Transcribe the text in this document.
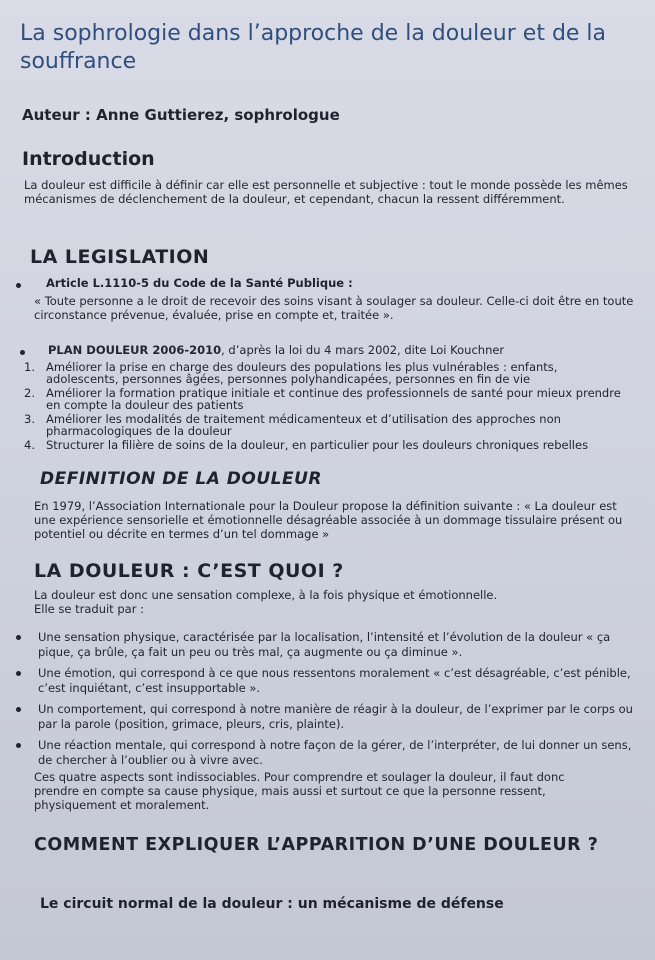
La sophrologie dans l’approche de la douleur et de la souffrance
Auteur : Anne Guttierez, sophrologue
Introduction
La douleur est difficile à définir car elle est personnelle et subjective : tout le monde possède les mêmes mécanismes de déclenchement de la douleur, et cependant, chacun la ressent différemment.
LA LEGISLATION
Article L.1110-5 du Code de la Santé Publique :
« Toute personne a le droit de recevoir des soins visant à soulager sa douleur. Celle-ci doit être en toute circonstance prévenue, évaluée, prise en compte et, traitée ».
PLAN DOULEUR 2006-2010, d’après la loi du 4 mars 2002, dite Loi Kouchner
1. Améliorer la prise en charge des douleurs des populations les plus vulnérables : enfants, adolescents, personnes âgées, personnes polyhandicapées, personnes en fin de vie
2. Améliorer la formation pratique initiale et continue des professionnels de santé pour mieux prendre en compte la douleur des patients
3. Améliorer les modalités de traitement médicamenteux et d’utilisation des approches non pharmacologiques de la douleur
4. Structurer la filière de soins de la douleur, en particulier pour les douleurs chroniques rebelles
DEFINITION DE LA DOULEUR
En 1979, l’Association Internationale pour la Douleur propose la définition suivante : « La douleur est une expérience sensorielle et émotionnelle désagréable associée à un dommage tissulaire présent ou potentiel ou décrite en termes d’un tel dommage »
LA DOULEUR : C’EST QUOI ?
La douleur est donc une sensation complexe, à la fois physique et émotionnelle. Elle se traduit par :
Une sensation physique, caractérisée par la localisation, l’intensité et l’évolution de la douleur « ça pique, ça brûle, ça fait un peu ou très mal, ça augmente ou ça diminue ».
Une émotion, qui correspond à ce que nous ressentons moralement « c’est désagréable, c’est pénible, c’est inquiétant, c’est insupportable ».
Un comportement, qui correspond à notre manière de réagir à la douleur, de l’exprimer par le corps ou par la parole (position, grimace, pleurs, cris, plainte).
Une réaction mentale, qui correspond à notre façon de la gérer, de l’interpréter, de lui donner un sens, de chercher à l’oublier ou à vivre avec.
Ces quatre aspects sont indissociables. Pour comprendre et soulager la douleur, il faut donc prendre en compte sa cause physique, mais aussi et surtout ce que la personne ressent, physiquement et moralement.
COMMENT EXPLIQUER L’APPARITION D’UNE DOULEUR ?
Le circuit normal de la douleur : un mécanisme de défense
